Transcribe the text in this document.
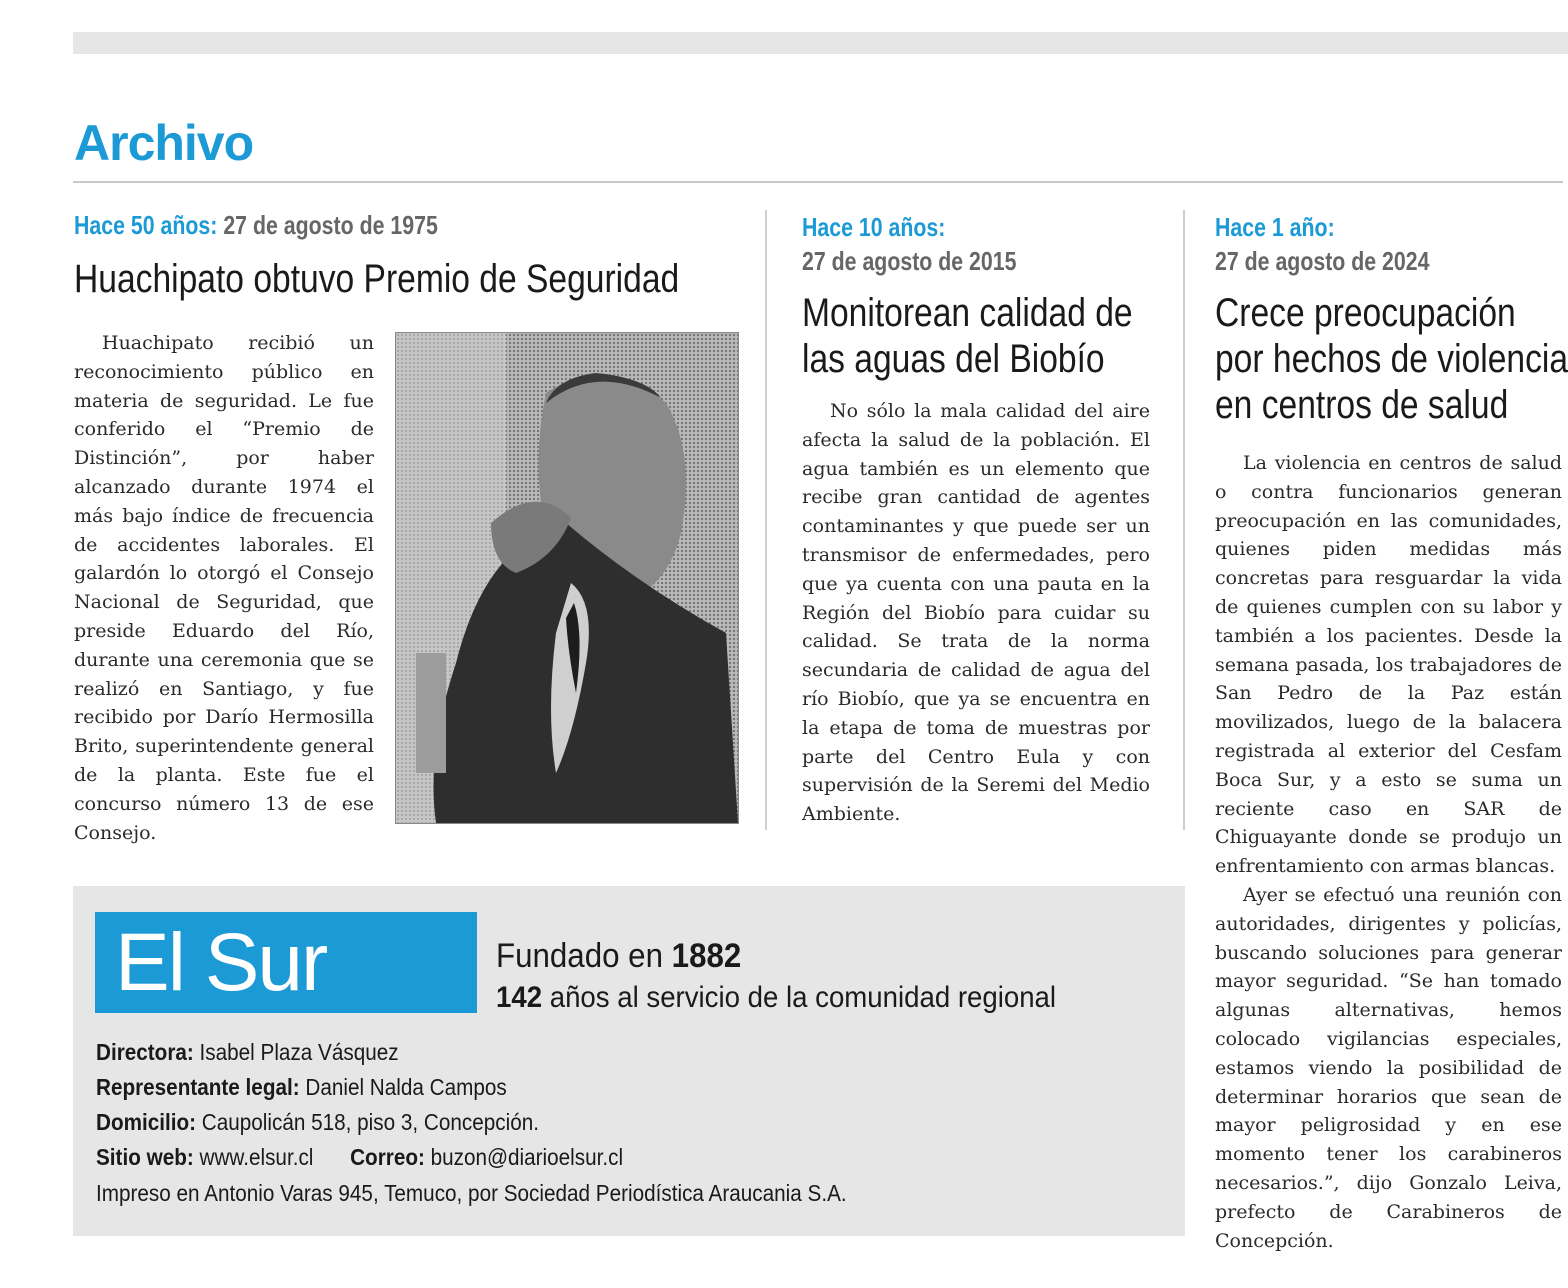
Archivo
Hace 50 años: 27 de agosto de 1975
Huachipato obtuvo Premio de Seguridad

Huachipato recibió un reconocimiento público en materia de seguridad. Le fue conferido el “Premio de Distinción”, por haber alcanzado durante 1974 el más bajo índice de frecuencia de accidentes laborales. El galardón lo otorgó el Consejo Nacional de Seguridad, que preside Eduardo del Río, durante una ceremonia que se realizó en Santiago, y fue recibido por Darío Hermosilla Brito, superintendente general de la planta. Este fue el concurso número 13 de ese Consejo.

Hace 10 años:
27 de agosto de 2015
Monitorean calidad de
las aguas del Biobío

No sólo la mala calidad del aire afecta la salud de la población. El agua también es un elemento que recibe gran cantidad de agentes contaminantes y que puede ser un transmisor de enfermedades, pero que ya cuenta con una pauta en la Región del Biobío para cuidar su calidad. Se trata de la norma secundaria de calidad de agua del río Biobío, que ya se encuentra en la etapa de toma de muestras por parte del Centro Eula y con supervisión de la Seremi del Medio Ambiente.

Hace 1 año:
27 de agosto de 2024
Crece preocupación
por hechos de violencia
en centros de salud

La violencia en centros de salud o contra funcionarios generan preocupación en las comunidades, quienes piden medidas más concretas para resguardar la vida de quienes cumplen con su labor y también a los pacientes. Desde la semana pasada, los trabajadores de San Pedro de la Paz están movilizados, luego de la balacera registrada al exterior del Cesfam Boca Sur, y a esto se suma un reciente caso en SAR de Chiguayante donde se produjo un enfrentamiento con armas blancas.

Ayer se efectuó una reunión con autoridades, dirigentes y policías, buscando soluciones para generar mayor seguridad. “Se han tomado algunas alternativas, hemos colocado vigilancias especiales, estamos viendo la posibilidad de determinar horarios que sean de mayor peligrosidad y en ese momento tener los carabineros necesarios.”, dijo Gonzalo Leiva, prefecto de Carabineros de Concepción.

El Sur	Fundado en 1882
142 años al servicio de la comunidad regional
Directora: Isabel Plaza Vásquez
Representante legal: Daniel Nalda Campos
Domicilio: Caupolicán 518, piso 3, Concepción.
Sitio web: www.elsur.cl Correo: buzon@diarioelsur.cl
Impreso en Antonio Varas 945, Temuco, por Sociedad Periodística Araucania S.A.
